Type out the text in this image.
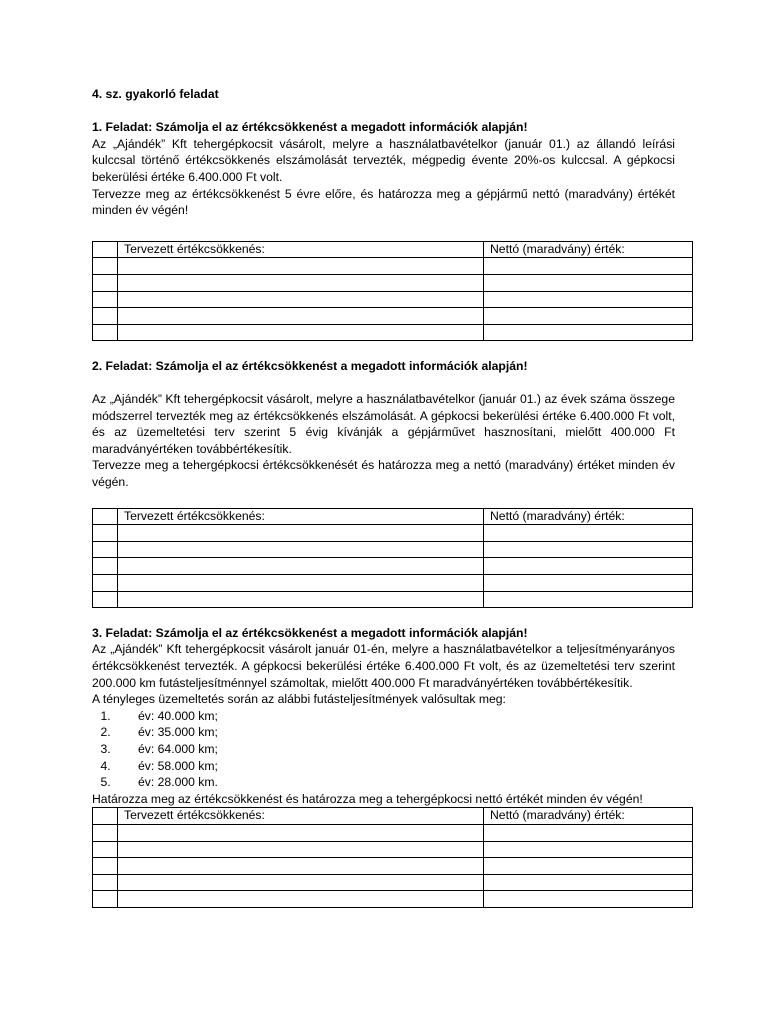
4. sz. gyakorló feladat
1. Feladat: Számolja el az értékcsökkenést a megadott információk alapján!

Az „Ajándék” Kft tehergépkocsit vásárolt, melyre a használatbavételkor (január 01.) az állandó leírási kulccsal történő értékcsökkenés elszámolását tervezték, mégpedig évente 20%-os kulccsal. A gépkocsi bekerülési értéke 6.400.000 Ft volt.

Tervezze meg az értékcsökkenést 5 évre előre, és határozza meg a gépjármű nettó (maradvány) értékét minden év végén!

	Tervezett értékcsökkenés:	Nettó (maradvány) érték:

2. Feladat: Számolja el az értékcsökkenést a megadott információk alapján!

Az „Ajándék” Kft tehergépkocsit vásárolt, melyre a használatbavételkor (január 01.) az évek száma összege módszerrel tervezték meg az értékcsökkenés elszámolását. A gépkocsi bekerülési értéke 6.400.000 Ft volt, és az üzemeltetési terv szerint 5 évig kívánják a gépjárművet hasznosítani, mielőtt 400.000 Ft maradványértéken továbbértékesítik.

Tervezze meg a tehergépkocsi értékcsökkenését és határozza meg a nettó (maradvány) értéket minden év végén.

	Tervezett értékcsökkenés:	Nettó (maradvány) érték:

3. Feladat: Számolja el az értékcsökkenést a megadott információk alapján!

Az „Ajándék” Kft tehergépkocsit vásárolt január 01-én, melyre a használatbavételkor a teljesítményarányos értékcsökkenést tervezték. A gépkocsi bekerülési értéke 6.400.000 Ft volt, és az üzemeltetési terv szerint 200.000 km futásteljesítménnyel számoltak, mielőtt 400.000 Ft maradványértéken továbbértékesítik.

A tényleges üzemeltetés során az alábbi futásteljesítmények valósultak meg:

1. év: 40.000 km;
2. év: 35.000 km;
3. év: 64.000 km;
4. év: 58.000 km;
5. év: 28.000 km.

Határozza meg az értékcsökkenést és határozza meg a tehergépkocsi nettó értékét minden év végén!

	Tervezett értékcsökkenés:	Nettó (maradvány) érték:
